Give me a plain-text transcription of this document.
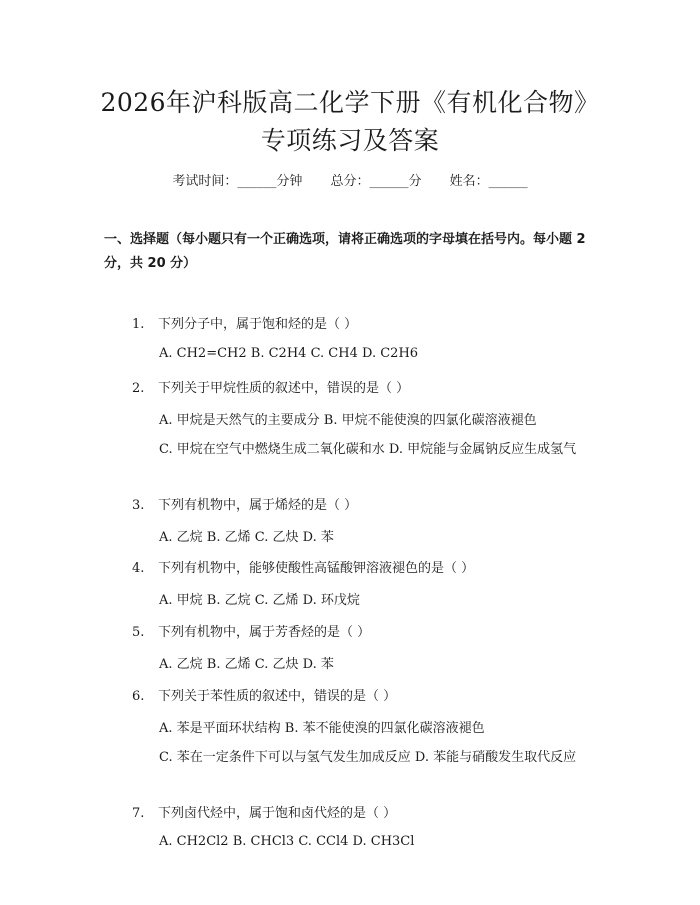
2026年沪科版高二化学下册《有机化合物》
专项练习及答案
考试时间：______分钟 总分：______分 姓名：______
一、选择题（每小题只有一个正确选项，请将正确选项的字母填在括号内。每小题 2 分，共 20 分）
1. 下列分子中，属于饱和烃的是（ ）
A. CH2=CH2 B. C2H4 C. CH4 D. C2H6
2. 下列关于甲烷性质的叙述中，错误的是（ ）
A. 甲烷是天然气的主要成分 B. 甲烷不能使溴的四氯化碳溶液褪色
C. 甲烷在空气中燃烧生成二氧化碳和水 D. 甲烷能与金属钠反应生成氢气
3. 下列有机物中，属于烯烃的是（ ）
A. 乙烷 B. 乙烯 C. 乙炔 D. 苯
4. 下列有机物中，能够使酸性高锰酸钾溶液褪色的是（ ）
A. 甲烷 B. 乙烷 C. 乙烯 D. 环戊烷
5. 下列有机物中，属于芳香烃的是（ ）
A. 乙烷 B. 乙烯 C. 乙炔 D. 苯
6. 下列关于苯性质的叙述中，错误的是（ ）
A. 苯是平面环状结构 B. 苯不能使溴的四氯化碳溶液褪色
C. 苯在一定条件下可以与氢气发生加成反应 D. 苯能与硝酸发生取代反应
7. 下列卤代烃中，属于饱和卤代烃的是（ ）
A. CH2Cl2 B. CHCl3 C. CCl4 D. CH3Cl
